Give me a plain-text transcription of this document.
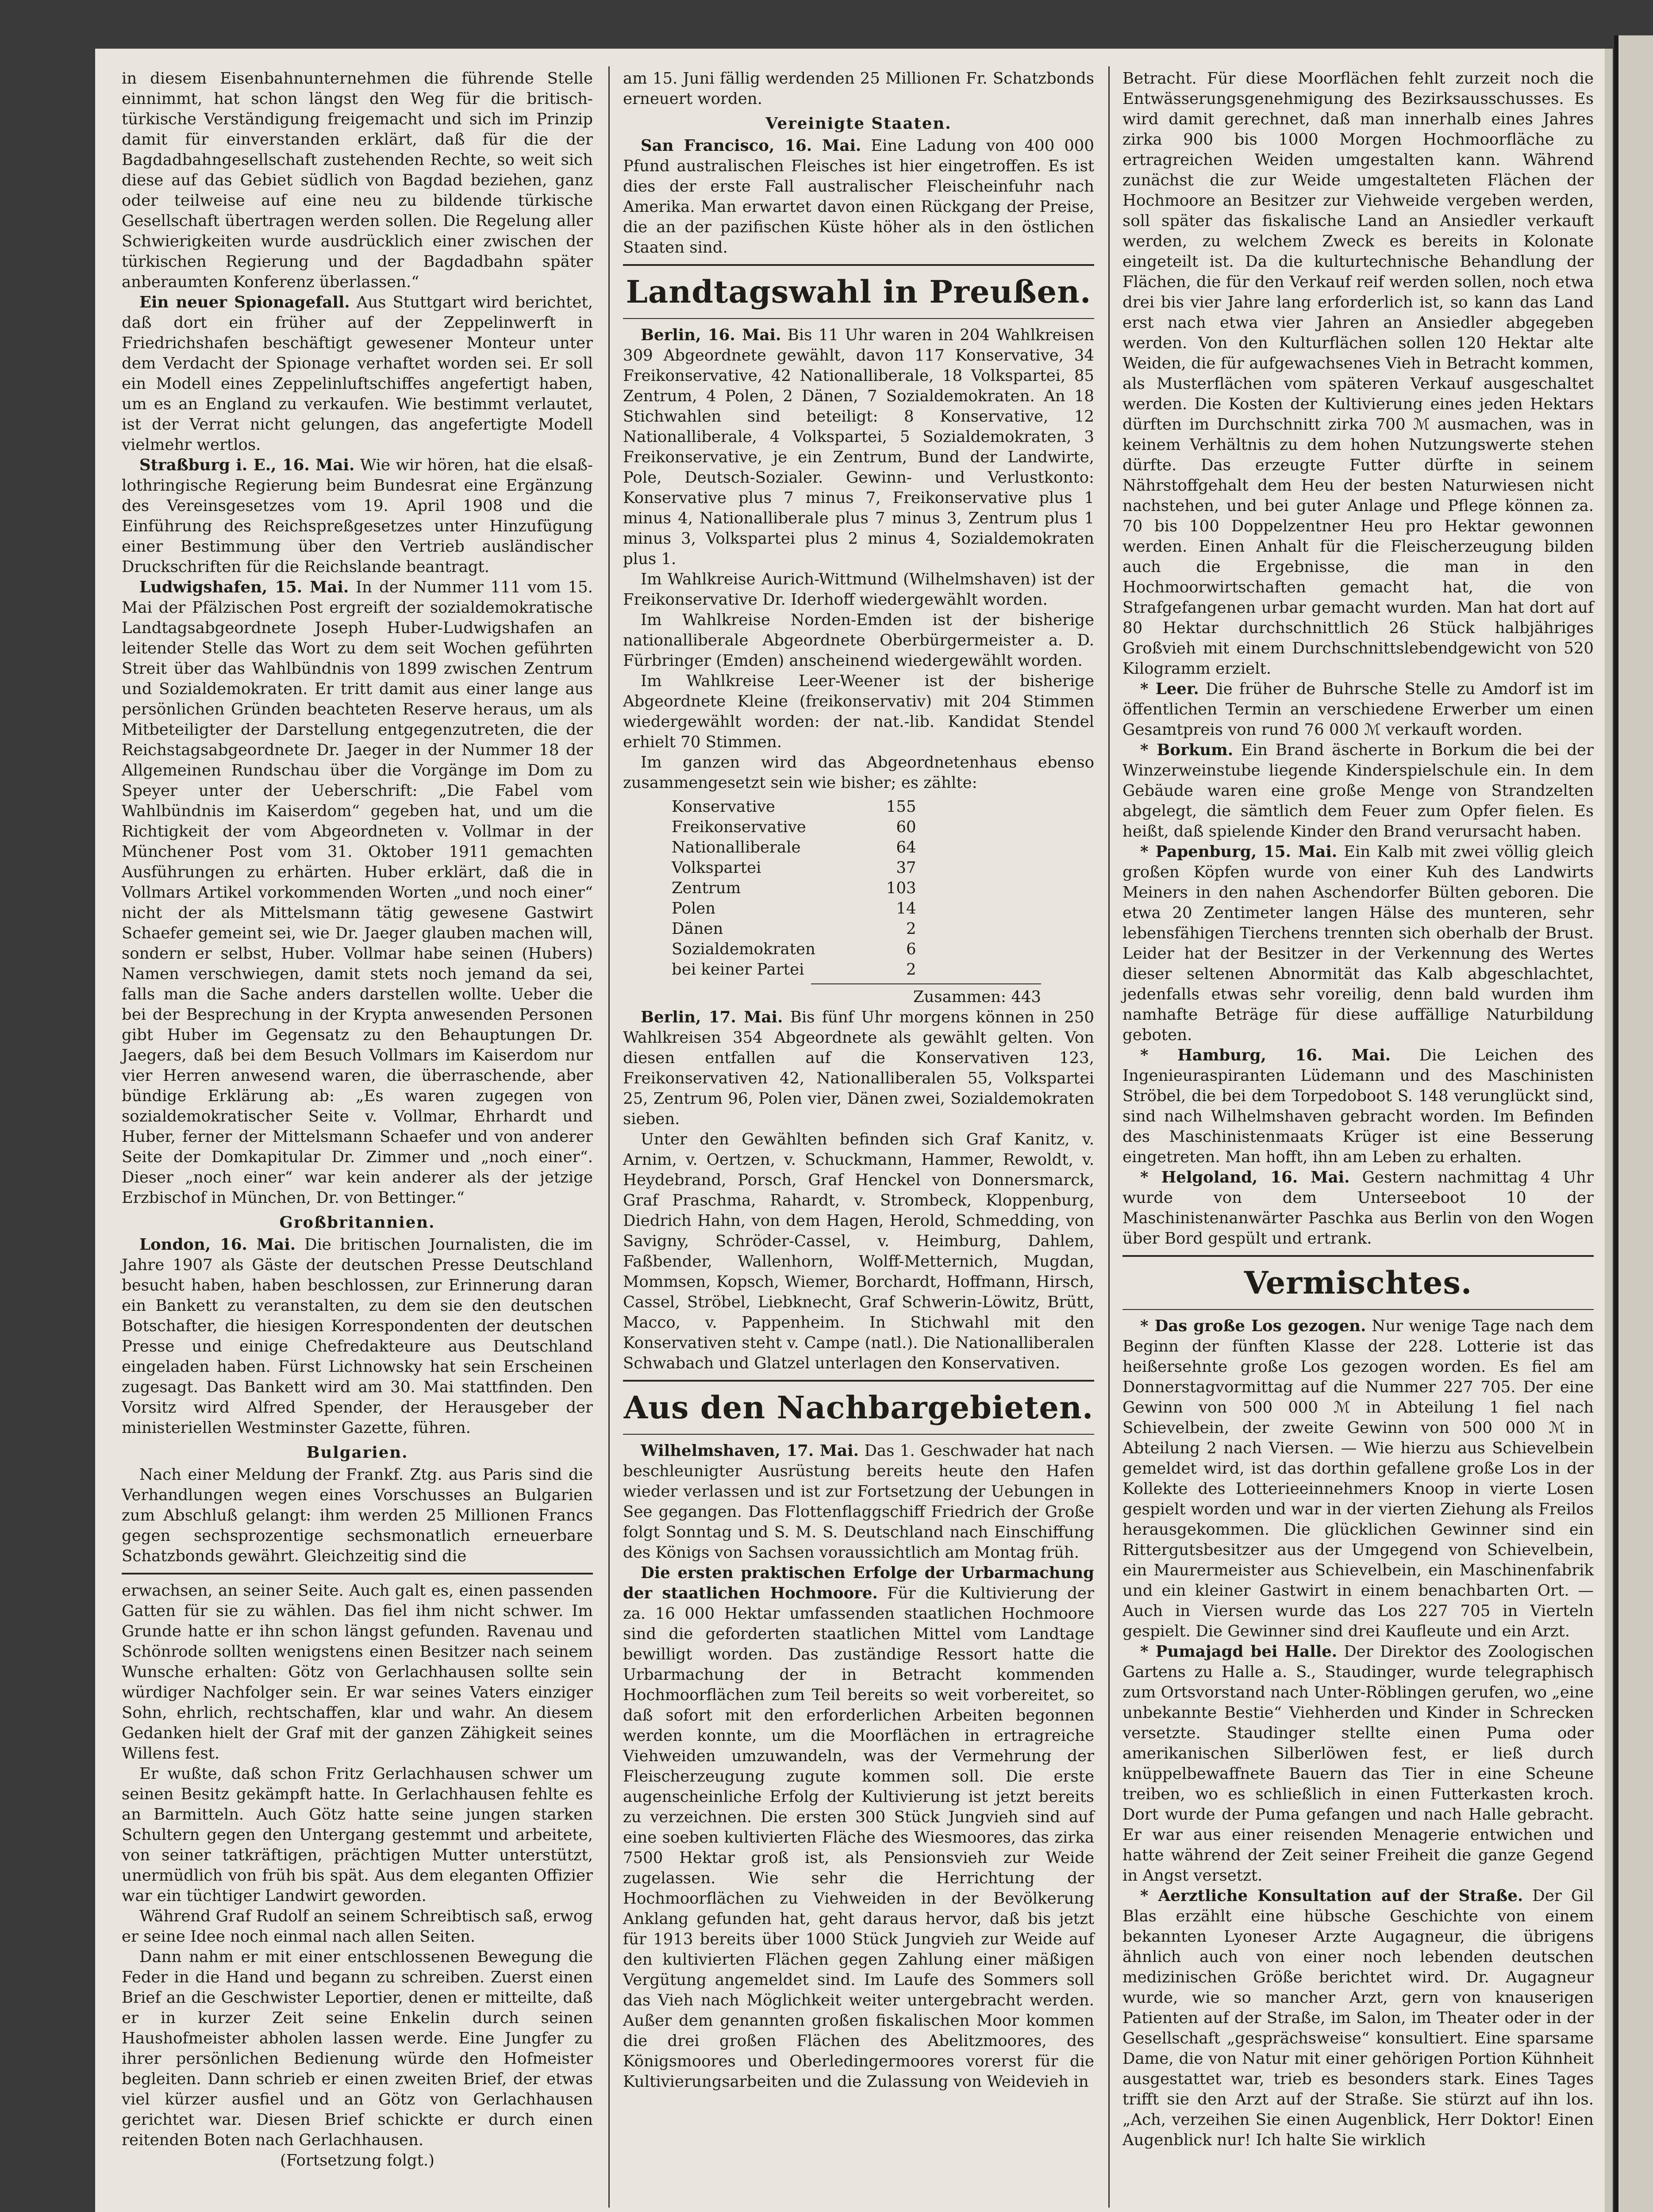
in diesem Eisenbahnunternehmen die führende Stelle einnimmt, hat schon längst den Weg für die britisch-türkische Verständigung freigemacht und sich im Prinzip damit für einverstanden erklärt, daß für die der Bagdadbahngesellschaft zustehenden Rechte, so weit sich diese auf das Gebiet südlich von Bagdad beziehen, ganz oder teilweise auf eine neu zu bildende türkische Gesellschaft übertragen werden sollen. Die Regelung aller Schwierigkeiten wurde ausdrücklich einer zwischen der türkischen Regierung und der Bagdadbahn später anberaumten Konferenz überlassen.“

Ein neuer Spionagefall. Aus Stuttgart wird berichtet, daß dort ein früher auf der Zeppelinwerft in Friedrichshafen beschäftigt gewesener Monteur unter dem Verdacht der Spionage verhaftet worden sei. Er soll ein Modell eines Zeppelinluftschiffes angefertigt haben, um es an England zu verkaufen. Wie bestimmt verlautet, ist der Verrat nicht gelungen, das angefertigte Modell vielmehr wertlos.

Straßburg i. E., 16. Mai. Wie wir hören, hat die elsaß-lothringische Regierung beim Bundesrat eine Ergänzung des Vereinsgesetzes vom 19. April 1908 und die Einführung des Reichspreßgesetzes unter Hinzufügung einer Bestimmung über den Vertrieb ausländischer Druckschriften für die Reichslande beantragt.

Ludwigshafen, 15. Mai. In der Nummer 111 vom 15. Mai der Pfälzischen Post ergreift der sozialdemokratische Landtagsabgeordnete Joseph Huber-Ludwigshafen an leitender Stelle das Wort zu dem seit Wochen geführten Streit über das Wahlbündnis von 1899 zwischen Zentrum und Sozialdemokraten. Er tritt damit aus einer lange aus persönlichen Gründen beachteten Reserve heraus, um als Mitbeteiligter der Darstellung entgegenzutreten, die der Reichstagsabgeordnete Dr. Jaeger in der Nummer 18 der Allgemeinen Rundschau über die Vorgänge im Dom zu Speyer unter der Ueberschrift: „Die Fabel vom Wahlbündnis im Kaiserdom“ gegeben hat, und um die Richtigkeit der vom Abgeordneten v. Vollmar in der Münchener Post vom 31. Oktober 1911 gemachten Ausführungen zu erhärten. Huber erklärt, daß die in Vollmars Artikel vorkommenden Worten „und noch einer“ nicht der als Mittelsmann tätig gewesene Gastwirt Schaefer gemeint sei, wie Dr. Jaeger glauben machen will, sondern er selbst, Huber. Vollmar habe seinen (Hubers) Namen verschwiegen, damit stets noch jemand da sei, falls man die Sache anders darstellen wollte. Ueber die bei der Besprechung in der Krypta anwesenden Personen gibt Huber im Gegensatz zu den Behauptungen Dr. Jaegers, daß bei dem Besuch Vollmars im Kaiserdom nur vier Herren anwesend waren, die überraschende, aber bündige Erklärung ab: „Es waren zugegen von sozialdemokratischer Seite v. Vollmar, Ehrhardt und Huber, ferner der Mittelsmann Schaefer und von anderer Seite der Domkapitular Dr. Zimmer und „noch einer“. Dieser „noch einer“ war kein anderer als der jetzige Erzbischof in München, Dr. von Bettinger.“

Großbritannien.

London, 16. Mai. Die britischen Journalisten, die im Jahre 1907 als Gäste der deutschen Presse Deutschland besucht haben, haben beschlossen, zur Erinnerung daran ein Bankett zu veranstalten, zu dem sie den deutschen Botschafter, die hiesigen Korrespondenten der deutschen Presse und einige Chefredakteure aus Deutschland eingeladen haben. Fürst Lichnowsky hat sein Erscheinen zugesagt. Das Bankett wird am 30. Mai stattfinden. Den Vorsitz wird Alfred Spender, der Herausgeber der ministeriellen Westminster Gazette, führen.

Bulgarien.

Nach einer Meldung der Frankf. Ztg. aus Paris sind die Verhandlungen wegen eines Vorschusses an Bulgarien zum Abschluß gelangt: ihm werden 25 Millionen Francs gegen sechsprozentige sechsmonatlich erneuerbare Schatzbonds gewährt. Gleichzeitig sind die

erwachsen, an seiner Seite. Auch galt es, einen passenden Gatten für sie zu wählen. Das fiel ihm nicht schwer. Im Grunde hatte er ihn schon längst gefunden. Ravenau und Schönrode sollten wenigstens einen Besitzer nach seinem Wunsche erhalten: Götz von Gerlachhausen sollte sein würdiger Nachfolger sein. Er war seines Vaters einziger Sohn, ehrlich, rechtschaffen, klar und wahr. An diesem Gedanken hielt der Graf mit der ganzen Zähigkeit seines Willens fest.

Er wußte, daß schon Fritz Gerlachhausen schwer um seinen Besitz gekämpft hatte. In Gerlachhausen fehlte es an Barmitteln. Auch Götz hatte seine jungen starken Schultern gegen den Untergang gestemmt und arbeitete, von seiner tatkräftigen, prächtigen Mutter unterstützt, unermüdlich von früh bis spät. Aus dem eleganten Offizier war ein tüchtiger Landwirt geworden.

Während Graf Rudolf an seinem Schreibtisch saß, erwog er seine Idee noch einmal nach allen Seiten.

Dann nahm er mit einer entschlossenen Bewegung die Feder in die Hand und begann zu schreiben. Zuerst einen Brief an die Geschwister Leportier, denen er mitteilte, daß er in kurzer Zeit seine Enkelin durch seinen Haushofmeister abholen lassen werde. Eine Jungfer zu ihrer persönlichen Bedienung würde den Hofmeister begleiten. Dann schrieb er einen zweiten Brief, der etwas viel kürzer ausfiel und an Götz von Gerlachhausen gerichtet war. Diesen Brief schickte er durch einen reitenden Boten nach Gerlachhausen.

(Fortsetzung folgt.)

am 15. Juni fällig werdenden 25 Millionen Fr. Schatzbonds erneuert worden.

Vereinigte Staaten.

San Francisco, 16. Mai. Eine Ladung von 400 000 Pfund australischen Fleisches ist hier eingetroffen. Es ist dies der erste Fall australischer Fleischeinfuhr nach Amerika. Man erwartet davon einen Rückgang der Preise, die an der pazifischen Küste höher als in den östlichen Staaten sind.

Landtagswahl in Preußen.

Berlin, 16. Mai. Bis 11 Uhr waren in 204 Wahlkreisen 309 Abgeordnete gewählt, davon 117 Konservative, 34 Freikonservative, 42 Nationalliberale, 18 Volkspartei, 85 Zentrum, 4 Polen, 2 Dänen, 7 Sozialdemokraten. An 18 Stichwahlen sind beteiligt: 8 Konservative, 12 Nationalliberale, 4 Volkspartei, 5 Sozialdemokraten, 3 Freikonservative, je ein Zentrum, Bund der Landwirte, Pole, Deutsch-Sozialer. Gewinn- und Verlustkonto: Konservative plus 7 minus 7, Freikonservative plus 1 minus 4, Nationalliberale plus 7 minus 3, Zentrum plus 1 minus 3, Volkspartei plus 2 minus 4, Sozialdemokraten plus 1.

Im Wahlkreise Aurich-Wittmund (Wilhelmshaven) ist der Freikonservative Dr. Iderhoff wiedergewählt worden.

Im Wahlkreise Norden-Emden ist der bisherige nationalliberale Abgeordnete Oberbürgermeister a. D. Fürbringer (Emden) anscheinend wiedergewählt worden.

Im Wahlkreise Leer-Weener ist der bisherige Abgeordnete Kleine (freikonservativ) mit 204 Stimmen wiedergewählt worden: der nat.-lib. Kandidat Stendel erhielt 70 Stimmen.

Im ganzen wird das Abgeordnetenhaus ebenso zusammengesetzt sein wie bisher; es zählte:

Konservative	155
Freikonservative	60
Nationalliberale	64
Volkspartei	37
Zentrum	103
Polen	14
Dänen	2
Sozialdemokraten	6
bei keiner Partei	2
Zusammen: 443

Berlin, 17. Mai. Bis fünf Uhr morgens können in 250 Wahlkreisen 354 Abgeordnete als gewählt gelten. Von diesen entfallen auf die Konservativen 123, Freikonservativen 42, Nationalliberalen 55, Volkspartei 25, Zentrum 96, Polen vier, Dänen zwei, Sozialdemokraten sieben.

Unter den Gewählten befinden sich Graf Kanitz, v. Arnim, v. Oertzen, v. Schuckmann, Hammer, Rewoldt, v. Heydebrand, Porsch, Graf Henckel von Donnersmarck, Graf Praschma, Rahardt, v. Strombeck, Kloppenburg, Diedrich Hahn, von dem Hagen, Herold, Schmedding, von Savigny, Schröder-Cassel, v. Heimburg, Dahlem, Faßbender, Wallenhorn, Wolff-Metternich, Mugdan, Mommsen, Kopsch, Wiemer, Borchardt, Hoffmann, Hirsch, Cassel, Ströbel, Liebknecht, Graf Schwerin-Löwitz, Brütt, Macco, v. Pappenheim. In Stichwahl mit den Konservativen steht v. Campe (natl.). Die Nationalliberalen Schwabach und Glatzel unterlagen den Konservativen.

Aus den Nachbargebieten.

Wilhelmshaven, 17. Mai. Das 1. Geschwader hat nach beschleunigter Ausrüstung bereits heute den Hafen wieder verlassen und ist zur Fortsetzung der Uebungen in See gegangen. Das Flottenflaggschiff Friedrich der Große folgt Sonntag und S. M. S. Deutschland nach Einschiffung des Königs von Sachsen voraussichtlich am Montag früh.

Die ersten praktischen Erfolge der Urbarmachung der staatlichen Hochmoore. Für die Kultivierung der za. 16 000 Hektar umfassenden staatlichen Hochmoore sind die geforderten staatlichen Mittel vom Landtage bewilligt worden. Das zuständige Ressort hatte die Urbarmachung der in Betracht kommenden Hochmoorflächen zum Teil bereits so weit vorbereitet, so daß sofort mit den erforderlichen Arbeiten begonnen werden konnte, um die Moorflächen in ertragreiche Viehweiden umzuwandeln, was der Vermehrung der Fleischerzeugung zugute kommen soll. Die erste augenscheinliche Erfolg der Kultivierung ist jetzt bereits zu verzeichnen. Die ersten 300 Stück Jungvieh sind auf eine soeben kultivierten Fläche des Wiesmoores, das zirka 7500 Hektar groß ist, als Pensionsvieh zur Weide zugelassen. Wie sehr die Herrichtung der Hochmoorflächen zu Viehweiden in der Bevölkerung Anklang gefunden hat, geht daraus hervor, daß bis jetzt für 1913 bereits über 1000 Stück Jungvieh zur Weide auf den kultivierten Flächen gegen Zahlung einer mäßigen Vergütung angemeldet sind. Im Laufe des Sommers soll das Vieh nach Möglichkeit weiter untergebracht werden. Außer dem genannten großen fiskalischen Moor kommen die drei großen Flächen des Abelitzmoores, des Königsmoores und Oberledingermoores vorerst für die Kultivierungsarbeiten und die Zulassung von Weidevieh in

Betracht. Für diese Moorflächen fehlt zurzeit noch die Entwässerungsgenehmigung des Bezirksausschusses. Es wird damit gerechnet, daß man innerhalb eines Jahres zirka 900 bis 1000 Morgen Hochmoorfläche zu ertragreichen Weiden umgestalten kann. Während zunächst die zur Weide umgestalteten Flächen der Hochmoore an Besitzer zur Viehweide vergeben werden, soll später das fiskalische Land an Ansiedler verkauft werden, zu welchem Zweck es bereits in Kolonate eingeteilt ist. Da die kulturtechnische Behandlung der Flächen, die für den Verkauf reif werden sollen, noch etwa drei bis vier Jahre lang erforderlich ist, so kann das Land erst nach etwa vier Jahren an Ansiedler abgegeben werden. Von den Kulturflächen sollen 120 Hektar alte Weiden, die für aufgewachsenes Vieh in Betracht kommen, als Musterflächen vom späteren Verkauf ausgeschaltet werden. Die Kosten der Kultivierung eines jeden Hektars dürften im Durchschnitt zirka 700 ℳ ausmachen, was in keinem Verhältnis zu dem hohen Nutzungswerte stehen dürfte. Das erzeugte Futter dürfte in seinem Nährstoffgehalt dem Heu der besten Naturwiesen nicht nachstehen, und bei guter Anlage und Pflege können za. 70 bis 100 Doppelzentner Heu pro Hektar gewonnen werden. Einen Anhalt für die Fleischerzeugung bilden auch die Ergebnisse, die man in den Hochmoorwirtschaften gemacht hat, die von Strafgefangenen urbar gemacht wurden. Man hat dort auf 80 Hektar durchschnittlich 26 Stück halbjähriges Großvieh mit einem Durchschnittslebendgewicht von 520 Kilogramm erzielt.

* Leer. Die früher de Buhrsche Stelle zu Amdorf ist im öffentlichen Termin an verschiedene Erwerber um einen Gesamtpreis von rund 76 000 ℳ verkauft worden.

* Borkum. Ein Brand äscherte in Borkum die bei der Winzerweinstube liegende Kinderspielschule ein. In dem Gebäude waren eine große Menge von Strandzelten abgelegt, die sämtlich dem Feuer zum Opfer fielen. Es heißt, daß spielende Kinder den Brand verursacht haben.

* Papenburg, 15. Mai. Ein Kalb mit zwei völlig gleich großen Köpfen wurde von einer Kuh des Landwirts Meiners in den nahen Aschendorfer Bülten geboren. Die etwa 20 Zentimeter langen Hälse des munteren, sehr lebensfähigen Tierchens trennten sich oberhalb der Brust. Leider hat der Besitzer in der Verkennung des Wertes dieser seltenen Abnormität das Kalb abgeschlachtet, jedenfalls etwas sehr voreilig, denn bald wurden ihm namhafte Beträge für diese auffällige Naturbildung geboten.

* Hamburg, 16. Mai. Die Leichen des Ingenieuraspiranten Lüdemann und des Maschinisten Ströbel, die bei dem Torpedoboot S. 148 verunglückt sind, sind nach Wilhelmshaven gebracht worden. Im Befinden des Maschinistenmaats Krüger ist eine Besserung eingetreten. Man hofft, ihn am Leben zu erhalten.

* Helgoland, 16. Mai. Gestern nachmittag 4 Uhr wurde von dem Unterseeboot 10 der Maschinistenanwärter Paschka aus Berlin von den Wogen über Bord gespült und ertrank.

Vermischtes.

* Das große Los gezogen. Nur wenige Tage nach dem Beginn der fünften Klasse der 228. Lotterie ist das heißersehnte große Los gezogen worden. Es fiel am Donnerstagvormittag auf die Nummer 227 705. Der eine Gewinn von 500 000 ℳ in Abteilung 1 fiel nach Schievelbein, der zweite Gewinn von 500 000 ℳ in Abteilung 2 nach Viersen. — Wie hierzu aus Schievelbein gemeldet wird, ist das dorthin gefallene große Los in der Kollekte des Lotterieeinnehmers Knoop in vierte Losen gespielt worden und war in der vierten Ziehung als Freilos herausgekommen. Die glücklichen Gewinner sind ein Rittergutsbesitzer aus der Umgegend von Schievelbein, ein Maurermeister aus Schievelbein, ein Maschinenfabrik und ein kleiner Gastwirt in einem benachbarten Ort. — Auch in Viersen wurde das Los 227 705 in Vierteln gespielt. Die Gewinner sind drei Kaufleute und ein Arzt.

* Pumajagd bei Halle. Der Direktor des Zoologischen Gartens zu Halle a. S., Staudinger, wurde telegraphisch zum Ortsvorstand nach Unter-Röblingen gerufen, wo „eine unbekannte Bestie“ Viehherden und Kinder in Schrecken versetzte. Staudinger stellte einen Puma oder amerikanischen Silberlöwen fest, er ließ durch knüppelbewaffnete Bauern das Tier in eine Scheune treiben, wo es schließlich in einen Futterkasten kroch. Dort wurde der Puma gefangen und nach Halle gebracht. Er war aus einer reisenden Menagerie entwichen und hatte während der Zeit seiner Freiheit die ganze Gegend in Angst versetzt.

* Aerztliche Konsultation auf der Straße. Der Gil Blas erzählt eine hübsche Geschichte von einem bekannten Lyoneser Arzte Augagneur, die übrigens ähnlich auch von einer noch lebenden deutschen medizinischen Größe berichtet wird. Dr. Augagneur wurde, wie so mancher Arzt, gern von knauserigen Patienten auf der Straße, im Salon, im Theater oder in der Gesellschaft „gesprächsweise“ konsultiert. Eine sparsame Dame, die von Natur mit einer gehörigen Portion Kühnheit ausgestattet war, trieb es besonders stark. Eines Tages trifft sie den Arzt auf der Straße. Sie stürzt auf ihn los. „Ach, verzeihen Sie einen Augenblick, Herr Doktor! Einen Augenblick nur! Ich halte Sie wirklich
